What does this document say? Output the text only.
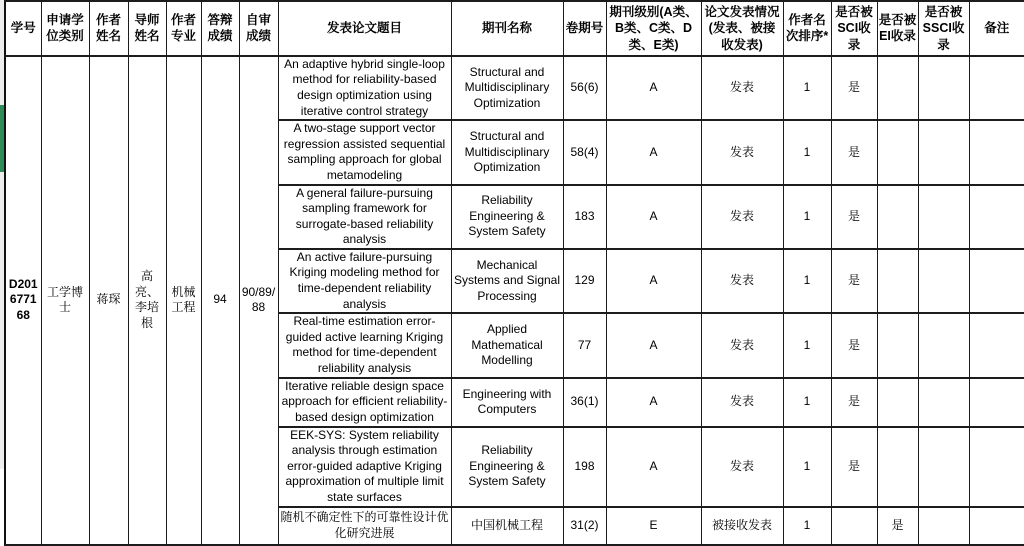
学号	申请学位类别	作者姓名	导师姓名	作者专业	答辩成绩	自审成绩	发表论文题目	期刊名称	卷期号	期刊级别(A类、B类、C类、D类、E类)	论文发表情况(发表、被接收发表)	作者名次排序*	是否被SCI收录	是否被EI收录	是否被SSCI收录	备注
D201677168	工学博士	蒋琛	高亮、李培根	机械工程	94	90/89/88	An adaptive hybrid single-loop method for reliability-based design optimization using iterative control strategy	Structural and Multidisciplinary Optimization	56(6)	A	发表	1	是			
							A two-stage support vector regression assisted sequential sampling approach for global metamodeling	Structural and Multidisciplinary Optimization	58(4)	A	发表	1	是			
							A general failure-pursuing sampling framework for surrogate-based reliability analysis	Reliability Engineering & System Safety	183	A	发表	1	是			
							An active failure-pursuing Kriging modeling method for time-dependent reliability analysis	Mechanical Systems and Signal Processing	129	A	发表	1	是			
							Real-time estimation error-guided active learning Kriging method for time-dependent reliability analysis	Applied Mathematical Modelling	77	A	发表	1	是			
							Iterative reliable design space approach for efficient reliability-based design optimization	Engineering with Computers	36(1)	A	发表	1	是			
							EEK-SYS: System reliability analysis through estimation error-guided adaptive Kriging approximation of multiple limit state surfaces	Reliability Engineering & System Safety	198	A	发表	1	是			
							随机不确定性下的可靠性设计优化研究进展	中国机械工程	31(2)	E	被接收发表	1		是		
